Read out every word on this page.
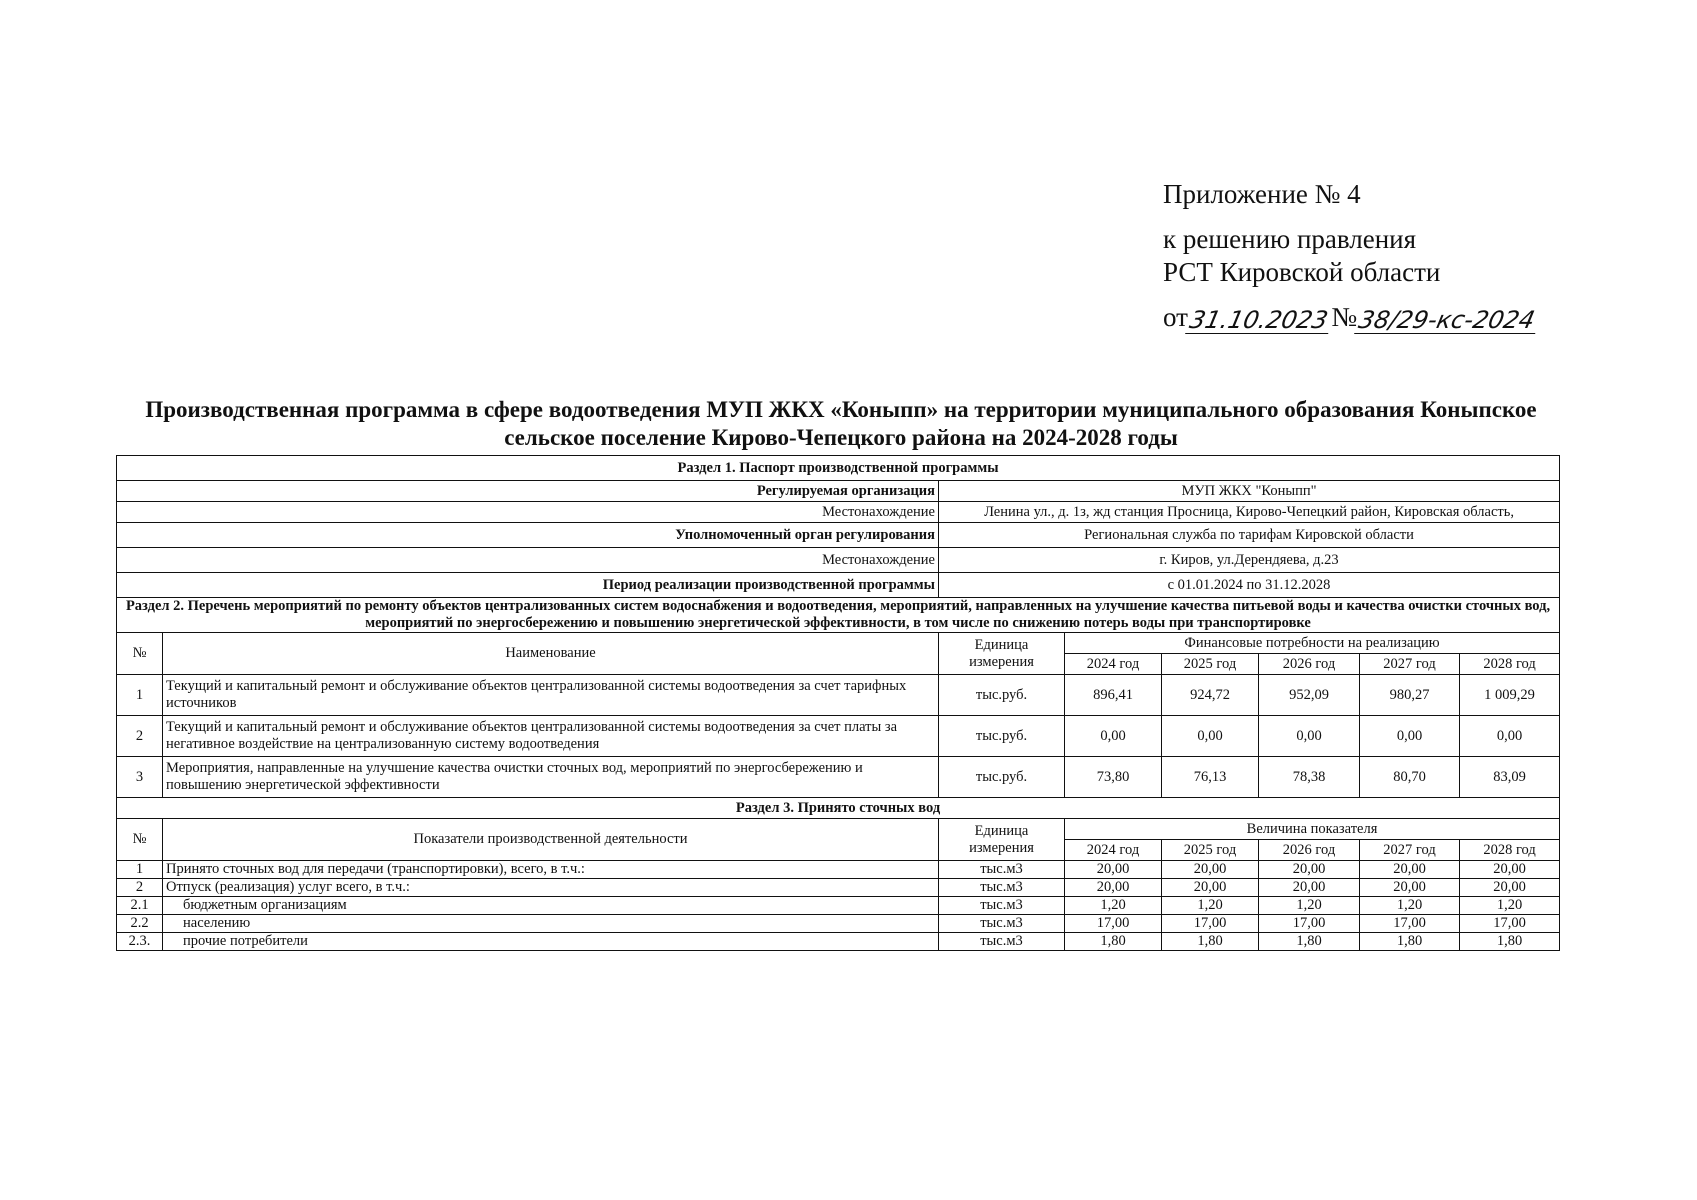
Приложение № 4
к решению правления
РСТ Кировской области
от 31.10.2023 № 38/29-кс-2024
Производственная программа в сфере водоотведения МУП ЖКХ «Коныпп» на территории муниципального образования Коныпское сельское поселение Кирово-Чепецкого района на 2024-2028 годы
Раздел 1. Паспорт производственной программы							
Регулируемая организация		МУП ЖКХ "Коныпп"					
Местонахождение		Ленина ул., д. 1з, жд станция Просница, Кирово-Чепецкий район, Кировская область,					
Уполномоченный орган регулирования		Региональная служба по тарифам Кировской области					
Местонахождение		г. Киров, ул.Дерендяева, д.23					
Период реализации производственной программы		с 01.01.2024 по 31.12.2028					
Раздел 2. Перечень мероприятий по ремонту объектов централизованных систем водоснабжения и водоотведения, мероприятий, направленных на улучшение качества питьевой воды и качества очистки сточных вод, мероприятий по энергосбережению и повышению энергетической эффективности, в том числе по снижению потерь воды при транспортировке							
№	Наименование	Единица измерения	Финансовые потребности на реализацию				
			2024 год	2025 год	2026 год	2027 год	2028 год
1	Текущий и капитальный ремонт и обслуживание объектов централизованной системы водоотведения за счет тарифных источников	тыс.руб.	896,41	924,72	952,09	980,27	1 009,29
2	Текущий и капитальный ремонт и обслуживание объектов централизованной системы водоотведения за счет платы за негативное воздействие на централизованную систему водоотведения	тыс.руб.	0,00	0,00	0,00	0,00	0,00
3	Мероприятия, направленные на улучшение качества очистки сточных вод, мероприятий по энергосбережению и повышению энергетической эффективности	тыс.руб.	73,80	76,13	78,38	80,70	83,09
Раздел 3. Принято сточных вод							
№	Показатели производственной деятельности	Единица измерения	Величина показателя				
			2024 год	2025 год	2026 год	2027 год	2028 год
1	Принято сточных вод для передачи (транспортировки), всего, в т.ч.:	тыс.м3	20,00	20,00	20,00	20,00	20,00
2	Отпуск (реализация) услуг всего, в т.ч.:	тыс.м3	20,00	20,00	20,00	20,00	20,00
2.1	бюджетным организациям	тыс.м3	1,20	1,20	1,20	1,20	1,20
2.2	населению	тыс.м3	17,00	17,00	17,00	17,00	17,00
2.3.	прочие потребители	тыс.м3	1,80	1,80	1,80	1,80	1,80
